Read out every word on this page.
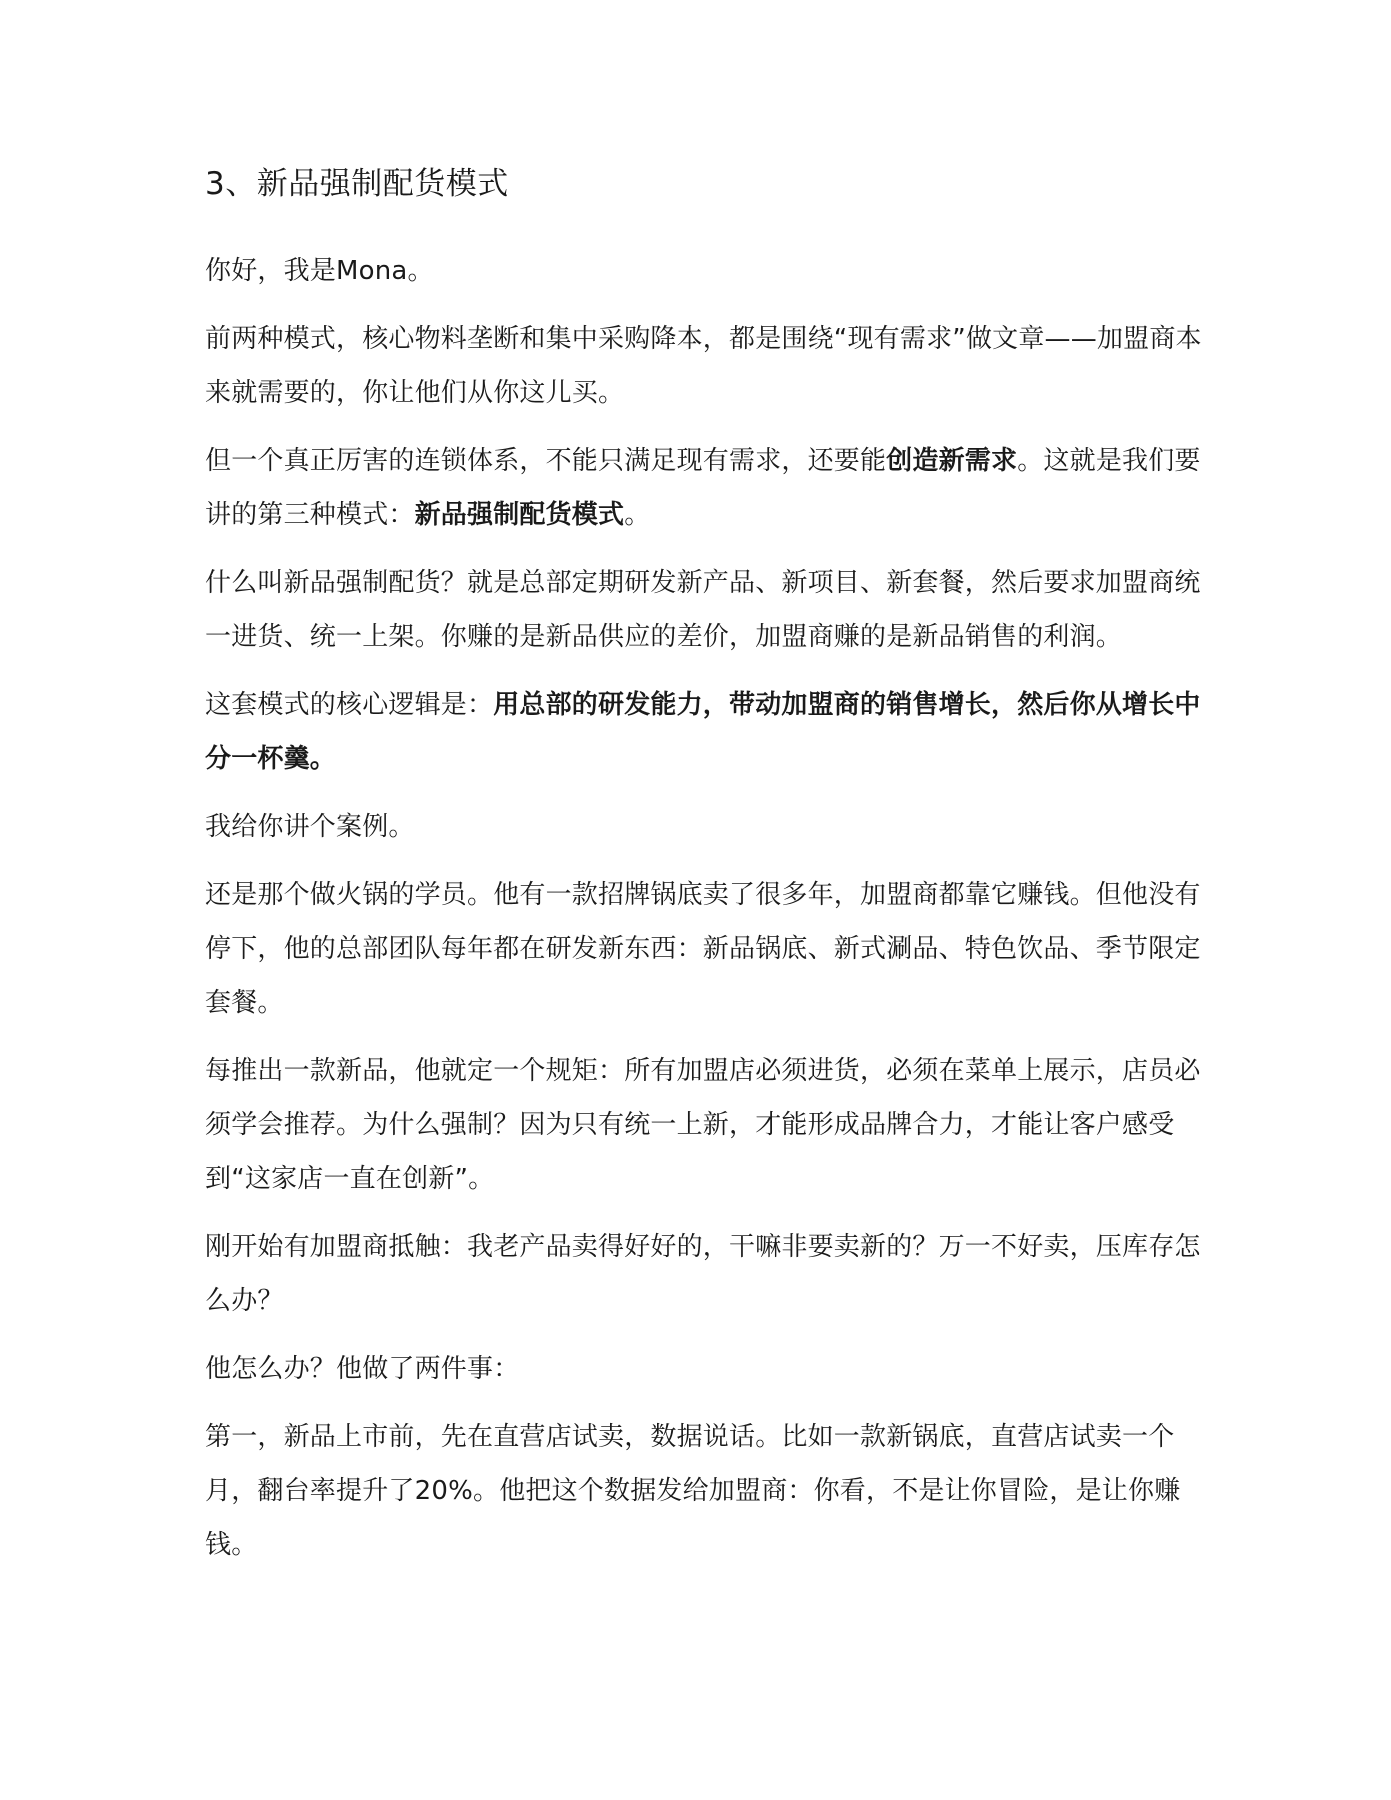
3、新品强制配货模式

你好，我是Mona。

前两种模式，核心物料垄断和集中采购降本，都是围绕“现有需求”做文章——加盟商本来就需要的，你让他们从你这儿买。

但一个真正厉害的连锁体系，不能只满足现有需求，还要能创造新需求。这就是我们要讲的第三种模式：新品强制配货模式。

什么叫新品强制配货？就是总部定期研发新产品、新项目、新套餐，然后要求加盟商统一进货、统一上架。你赚的是新品供应的差价，加盟商赚的是新品销售的利润。

这套模式的核心逻辑是：用总部的研发能力，带动加盟商的销售增长，然后你从增长中分一杯羹。

我给你讲个案例。

还是那个做火锅的学员。他有一款招牌锅底卖了很多年，加盟商都靠它赚钱。但他没有停下，他的总部团队每年都在研发新东西：新品锅底、新式涮品、特色饮品、季节限定套餐。

每推出一款新品，他就定一个规矩：所有加盟店必须进货，必须在菜单上展示，店员必须学会推荐。为什么强制？因为只有统一上新，才能形成品牌合力，才能让客户感受到“这家店一直在创新”。

刚开始有加盟商抵触：我老产品卖得好好的，干嘛非要卖新的？万一不好卖，压库存怎么办？

他怎么办？他做了两件事：

第一，新品上市前，先在直营店试卖，数据说话。比如一款新锅底，直营店试卖一个月，翻台率提升了20%。他把这个数据发给加盟商：你看，不是让你冒险，是让你赚钱。
